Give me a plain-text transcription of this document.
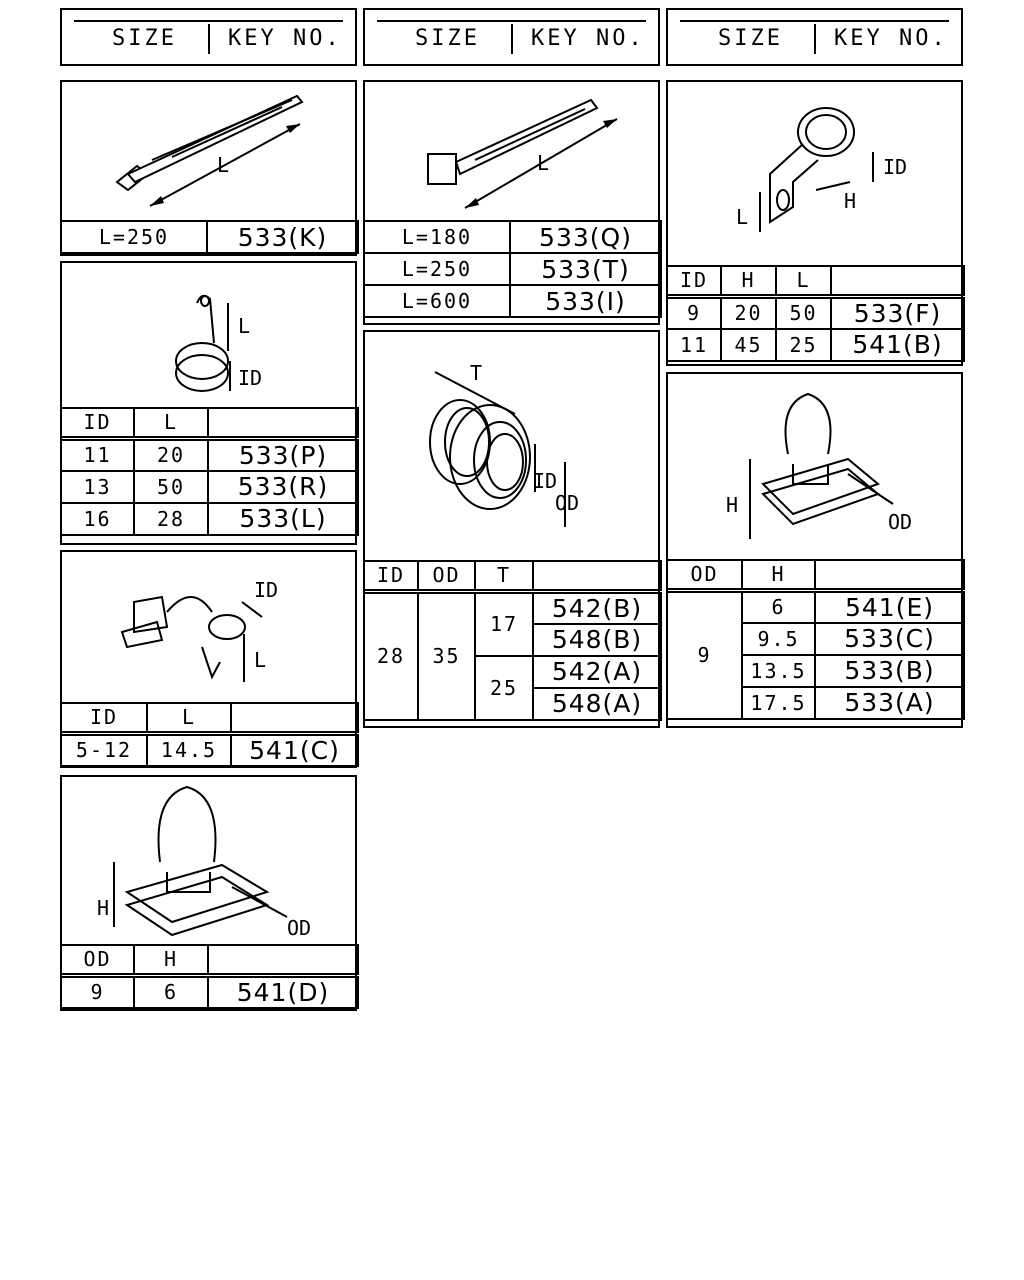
SIZE KEY NO.	SIZE KEY NO.	SIZE KEY NO.
L
L=250	533(K)
L
L=180	533(Q)
L=250	533(T)
L=600	533(I)
ID
H
L
ID	H	L	
9	20	50	533(F)
11	45	25	541(B)
L
ID
ID	L	
11	20	533(P)
13	50	533(R)
16	28	533(L)
T
ID
OD
ID	OD	T	
28	35	17	542(B)
			548(B)
		25	542(A)
			548(A)
H
OD
OD	H	
9	6	541(E)
	9.5	533(C)
	13.5	533(B)
	17.5	533(A)
ID
L
ID	L	
5-12	14.5	541(C)
H
OD
OD	H	
9	6	541(D)
